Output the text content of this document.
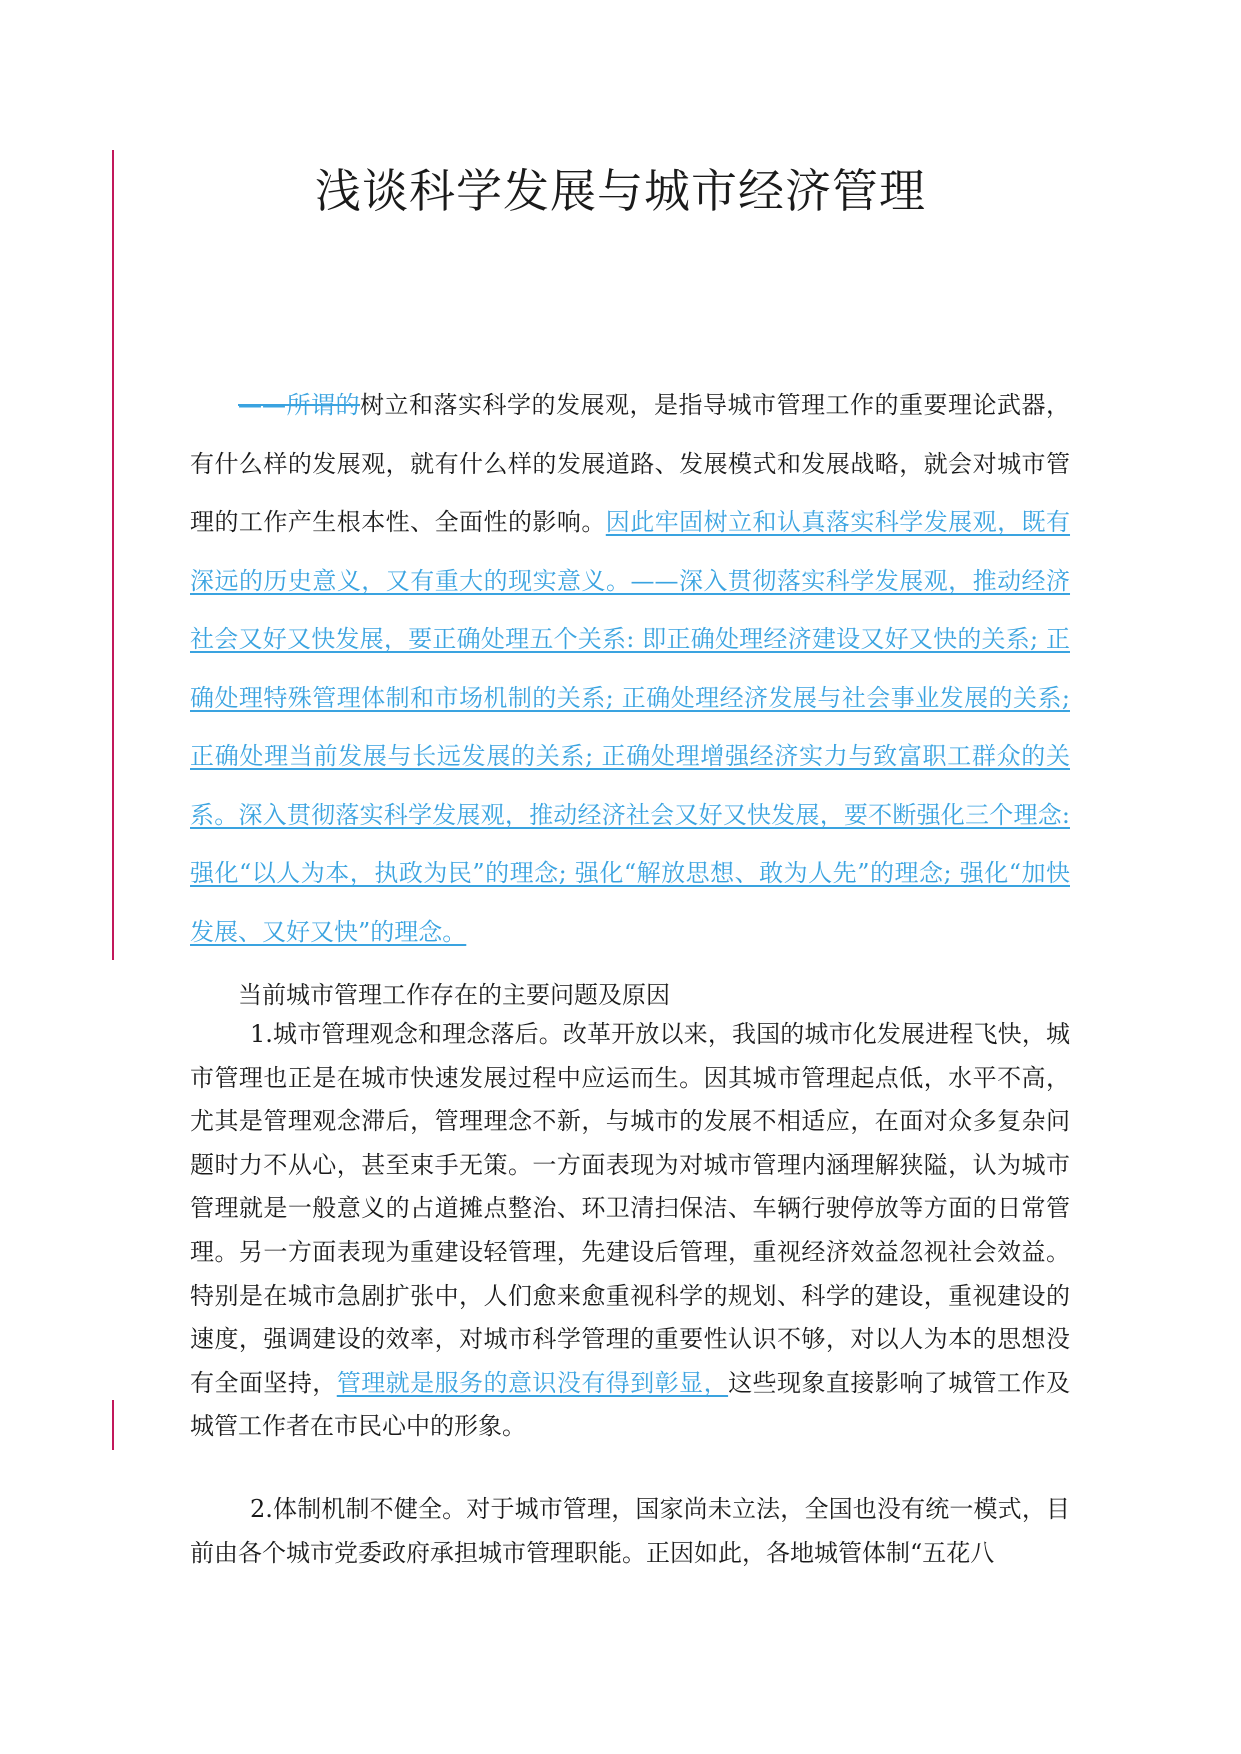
浅谈科学发展与城市经济管理

——所谓的树立和落实科学的发展观，是指导城市管理工作的重要理论武器，有什么样的发展观，就有什么样的发展道路、发展模式和发展战略，就会对城市管理的工作产生根本性、全面性的影响。因此牢固树立和认真落实科学发展观，既有深远的历史意义，又有重大的现实意义。——深入贯彻落实科学发展观，推动经济社会又好又快发展，要正确处理五个关系: 即正确处理经济建设又好又快的关系; 正确处理特殊管理体制和市场机制的关系; 正确处理经济发展与社会事业发展的关系; 正确处理当前发展与长远发展的关系; 正确处理增强经济实力与致富职工群众的关系。深入贯彻落实科学发展观，推动经济社会又好又快发展，要不断强化三个理念: 强化“以人为本，执政为民”的理念; 强化“解放思想、敢为人先”的理念; 强化“加快发展、又好又快”的理念。

当前城市管理工作存在的主要问题及原因

1.城市管理观念和理念落后。改革开放以来，我国的城市化发展进程飞快，城市管理也正是在城市快速发展过程中应运而生。因其城市管理起点低，水平不高，尤其是管理观念滞后，管理理念不新，与城市的发展不相适应，在面对众多复杂问题时力不从心，甚至束手无策。一方面表现为对城市管理内涵理解狭隘，认为城市管理就是一般意义的占道摊点整治、环卫清扫保洁、车辆行驶停放等方面的日常管理。另一方面表现为重建设轻管理，先建设后管理，重视经济效益忽视社会效益。特别是在城市急剧扩张中，人们愈来愈重视科学的规划、科学的建设，重视建设的速度，强调建设的效率，对城市科学管理的重要性认识不够，对以人为本的思想没有全面坚持，管理就是服务的意识没有得到彰显，这些现象直接影响了城管工作及城管工作者在市民心中的形象。

2.体制机制不健全。对于城市管理，国家尚未立法，全国也没有统一模式，目前由各个城市党委政府承担城市管理职能。正因如此，各地城管体制“五花八
